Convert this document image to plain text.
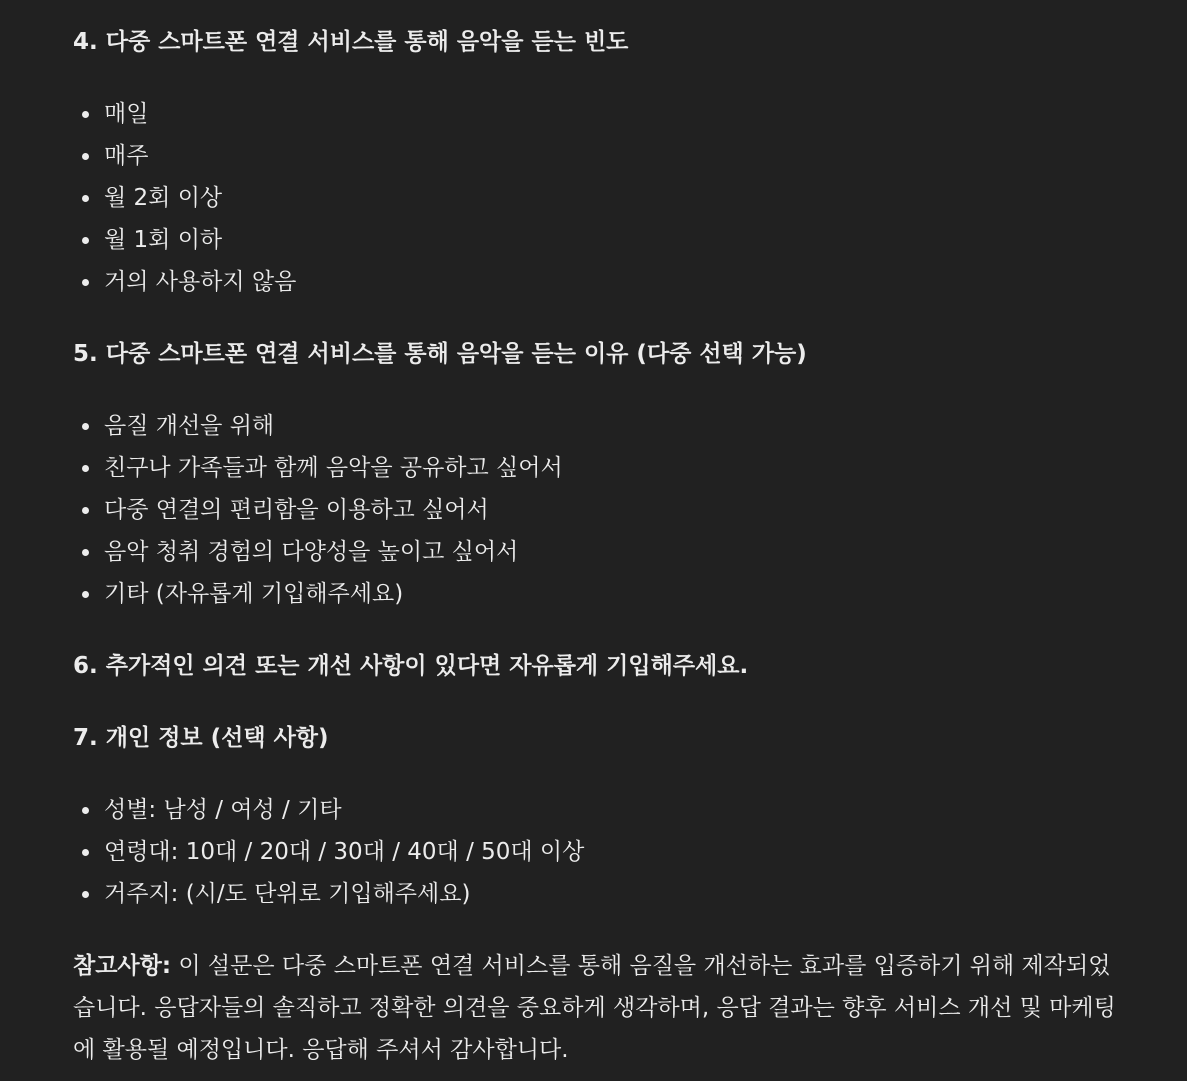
4. 다중 스마트폰 연결 서비스를 통해 음악을 듣는 빈도

매일
매주
월 2회 이상
월 1회 이하
거의 사용하지 않음

5. 다중 스마트폰 연결 서비스를 통해 음악을 듣는 이유 (다중 선택 가능)

음질 개선을 위해
친구나 가족들과 함께 음악을 공유하고 싶어서
다중 연결의 편리함을 이용하고 싶어서
음악 청취 경험의 다양성을 높이고 싶어서
기타 (자유롭게 기입해주세요)

6. 추가적인 의견 또는 개선 사항이 있다면 자유롭게 기입해주세요.

7. 개인 정보 (선택 사항)

성별: 남성 / 여성 / 기타
연령대: 10대 / 20대 / 30대 / 40대 / 50대 이상
거주지: (시/도 단위로 기입해주세요)

참고사항: 이 설문은 다중 스마트폰 연결 서비스를 통해 음질을 개선하는 효과를 입증하기 위해 제작되었
습니다. 응답자들의 솔직하고 정확한 의견을 중요하게 생각하며, 응답 결과는 향후 서비스 개선 및 마케팅
에 활용될 예정입니다. 응답해 주셔서 감사합니다.
